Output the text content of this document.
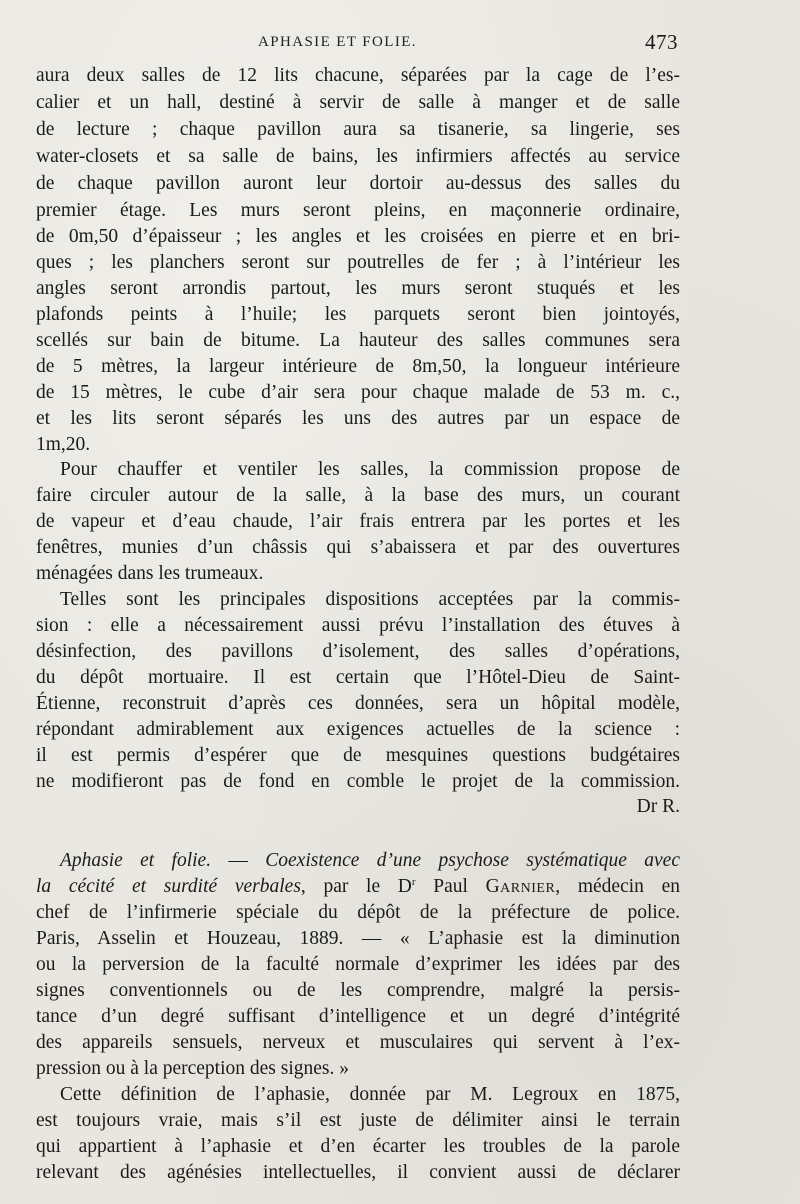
APHASIE ET FOLIE.	473
aura deux salles de 12 lits chacune, séparées par la cage de l’es-
calier et un hall, destiné à servir de salle à manger et de salle
de lecture ; chaque pavillon aura sa tisanerie, sa lingerie, ses
water-closets et sa salle de bains, les infirmiers affectés au service
de chaque pavillon auront leur dortoir au-dessus des salles du
premier étage. Les murs seront pleins, en maçonnerie ordinaire,
de 0m,50 d’épaisseur ; les angles et les croisées en pierre et en bri-
ques ; les planchers seront sur poutrelles de fer ; à l’intérieur les
angles seront arrondis partout, les murs seront stuqués et les
plafonds peints à l’huile; les parquets seront bien jointoyés,
scellés sur bain de bitume. La hauteur des salles communes sera
de 5 mètres, la largeur intérieure de 8m,50, la longueur intérieure
de 15 mètres, le cube d’air sera pour chaque malade de 53 m. c.,
et les lits seront séparés les uns des autres par un espace de
1m,20.
Pour chauffer et ventiler les salles, la commission propose de
faire circuler autour de la salle, à la base des murs, un courant
de vapeur et d’eau chaude, l’air frais entrera par les portes et les
fenêtres, munies d’un châssis qui s’abaissera et par des ouvertures
ménagées dans les trumeaux.
Telles sont les principales dispositions acceptées par la commis-
sion : elle a nécessairement aussi prévu l’installation des étuves à
désinfection, des pavillons d’isolement, des salles d’opérations,
du dépôt mortuaire. Il est certain que l’Hôtel-Dieu de Saint-
Étienne, reconstruit d’après ces données, sera un hôpital modèle,
répondant admirablement aux exigences actuelles de la science :
il est permis d’espérer que de mesquines questions budgétaires
ne modifieront pas de fond en comble le projet de la commission.
Dr R.
Aphasie et folie. — Coexistence d’une psychose systématique avec
la cécité et surdité verbales, par le $D^r$ Paul Garnier, médecin en
chef de l’infirmerie spéciale du dépôt de la préfecture de police.
Paris, Asselin et Houzeau, 1889. — « L’aphasie est la diminution
ou la perversion de la faculté normale d’exprimer les idées par des
signes conventionnels ou de les comprendre, malgré la persis-
tance d’un degré suffisant d’intelligence et un degré d’intégrité
des appareils sensuels, nerveux et musculaires qui servent à l’ex-
pression ou à la perception des signes. »
Cette définition de l’aphasie, donnée par M. Legroux en 1875,
est toujours vraie, mais s’il est juste de délimiter ainsi le terrain
qui appartient à l’aphasie et d’en écarter les troubles de la parole
relevant des agénésies intellectuelles, il convient aussi de déclarer
